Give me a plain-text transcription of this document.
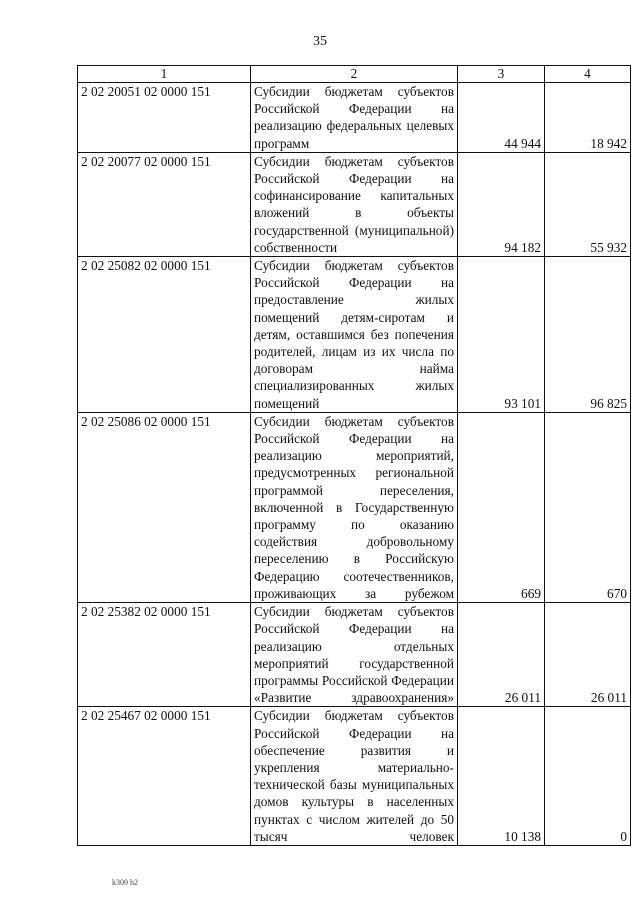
35
1	2	3	4
2 02 20051 02 0000 151	Субсидии бюджетам субъектов Российской Федерации на реализацию федеральных целевых программ	44 944	18 942
2 02 20077 02 0000 151	Субсидии бюджетам субъектов Российской Федерации на софинансирование капитальных вложений в объекты государственной (муниципальной) собственности	94 182	55 932
2 02 25082 02 0000 151	Субсидии бюджетам субъектов Российской Федерации на предоставление жилых помещений детям-сиротам и детям, оставшимся без попечения родителей, лицам из их числа по договорам найма специализированных жилых помещений	93 101	96 825
2 02 25086 02 0000 151	Субсидии бюджетам субъектов Российской Федерации на реализацию мероприятий, предусмотренных региональной программой переселения, включенной в Государственную программу по оказанию содействия добровольному переселению в Российскую Федерацию соотечественников, проживающих за рубежом	669	670
2 02 25382 02 0000 151	Субсидии бюджетам субъектов Российской Федерации на реализацию отдельных мероприятий государственной программы Российской Федерации «Развитие здравоохранения»	26 011	26 011
2 02 25467 02 0000 151	Субсидии бюджетам субъектов Российской Федерации на обеспечение развития и укрепления материально-технической базы муниципальных домов культуры в населенных пунктах с числом жителей до 50 тысяч человек	10 138	0
k309 h2
